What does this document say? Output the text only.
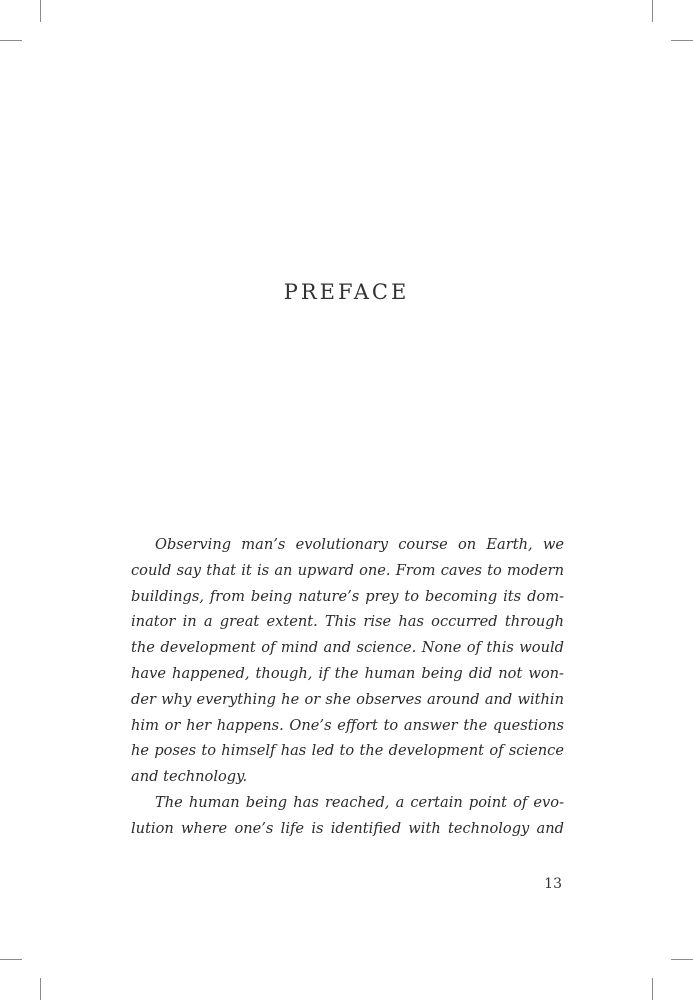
PREFACE
Observing man’s evolutionary course on Earth, we
could say that it is an upward one. From caves to modern
buildings, from being nature’s prey to becoming its dom-
inator in a great extent. This rise has occurred through
the development of mind and science. None of this would
have happened, though, if the human being did not won-
der why everything he or she observes around and within
him or her happens. One’s effort to answer the questions
he poses to himself has led to the development of science
and technology.
The human being has reached, a certain point of evo-
lution where one’s life is identified with technology and
13
